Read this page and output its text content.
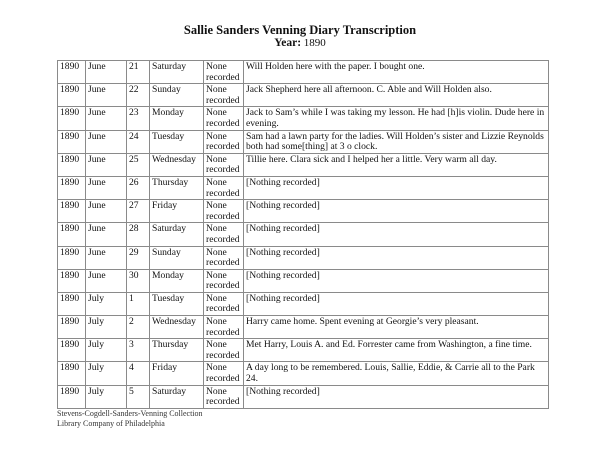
Sallie Sanders Venning Diary Transcription
Year: 1890
1890	June	21	Saturday	None recorded	Will Holden here with the paper. I bought one.
1890	June	22	Sunday	None recorded	Jack Shepherd here all afternoon. C. Able and Will Holden also.
1890	June	23	Monday	None recorded	Jack to Sam’s while I was taking my lesson. He had [h]is violin. Dude here in evening.
1890	June	24	Tuesday	None recorded	Sam had a lawn party for the ladies. Will Holden’s sister and Lizzie Reynolds both had some[thing] at 3 o clock.
1890	June	25	Wednesday	None recorded	Tillie here. Clara sick and I helped her a little. Very warm all day.
1890	June	26	Thursday	None recorded	[Nothing recorded]
1890	June	27	Friday	None recorded	[Nothing recorded]
1890	June	28	Saturday	None recorded	[Nothing recorded]
1890	June	29	Sunday	None recorded	[Nothing recorded]
1890	June	30	Monday	None recorded	[Nothing recorded]
1890	July	1	Tuesday	None recorded	[Nothing recorded]
1890	July	2	Wednesday	None recorded	Harry came home. Spent evening at Georgie’s very pleasant.
1890	July	3	Thursday	None recorded	Met Harry, Louis A. and Ed. Forrester came from Washington, a fine time.
1890	July	4	Friday	None recorded	A day long to be remembered. Louis, Sallie, Eddie, & Carrie all to the Park 24.
1890	July	5	Saturday	None recorded	[Nothing recorded]
Stevens-Cogdell-Sanders-Venning Collection
Library Company of Philadelphia
